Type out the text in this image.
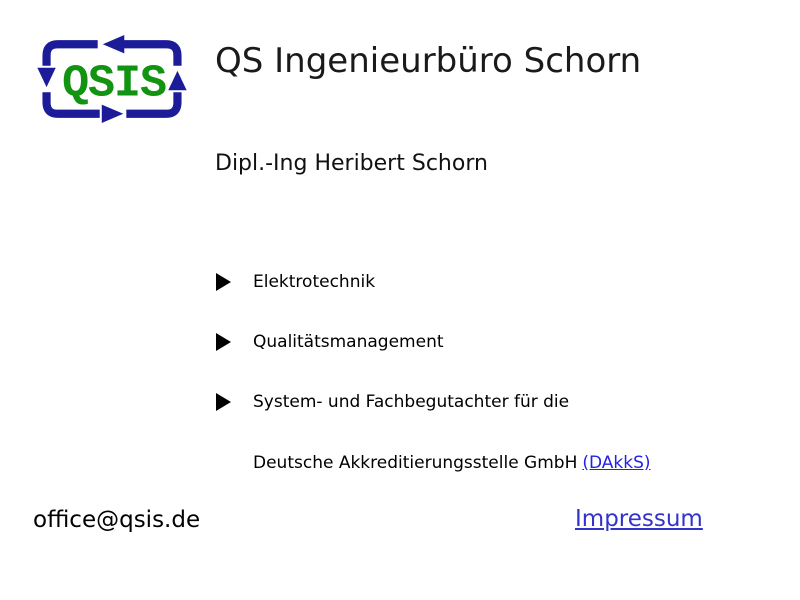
QSIS QS Ingenieurbüro Schorn
Dipl.-Ing Heribert Schorn
Elektrotechnik
Qualitätsmanagement
System- und Fachbegutachter für die
Deutsche Akkreditierungsstelle GmbH (DAkkS)
office@qsis.de	Impressum
